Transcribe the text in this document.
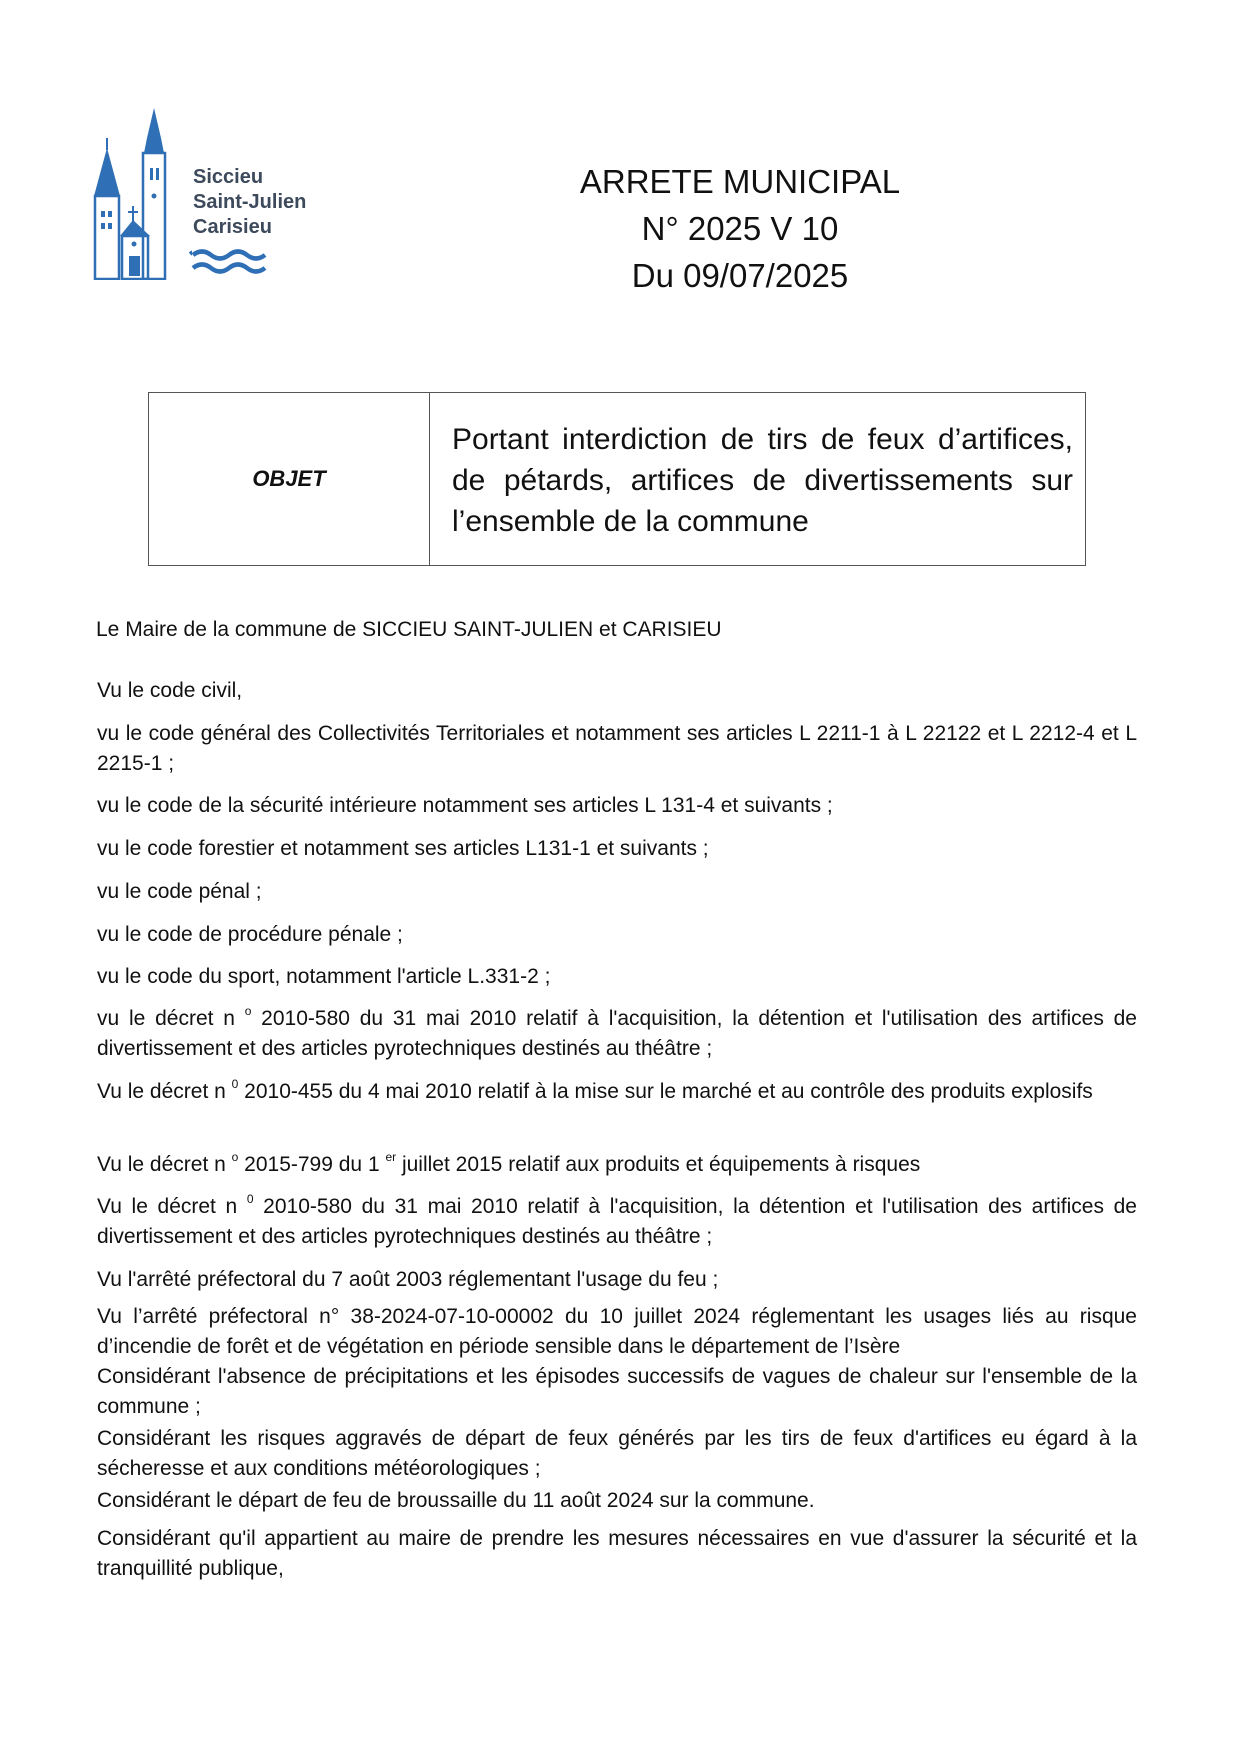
Siccieu
Saint-Julien
Carisieu
ARRETE MUNICIPAL
N° 2025 V 10
Du 09/07/2025
OBJET
Portant interdiction de tirs de feux d’artifices, de pétards, artifices de divertissements sur l’ensemble de la commune
Le Maire de la commune de SICCIEU SAINT-JULIEN et CARISIEU
Vu le code civil,
vu le code général des Collectivités Territoriales et notamment ses articles L 2211-1 à L 22122 et L 2212-4 et L 2215-1 ;
vu le code de la sécurité intérieure notamment ses articles L 131-4 et suivants ;
vu le code forestier et notamment ses articles L131-1 et suivants ;
vu le code pénal ;
vu le code de procédure pénale ;
vu le code du sport, notamment l'article L.331-2 ;
vu le décret n $^o$ 2010-580 du 31 mai 2010 relatif à l'acquisition, la détention et l'utilisation des artifices de divertissement et des articles pyrotechniques destinés au théâtre ;
Vu le décret n $^0$ 2010-455 du 4 mai 2010 relatif à la mise sur le marché et au contrôle des produits explosifs
Vu le décret n $^o$ 2015-799 du 1 $^{er}$ juillet 2015 relatif aux produits et équipements à risques
Vu le décret n $^0$ 2010-580 du 31 mai 2010 relatif à l'acquisition, la détention et l'utilisation des artifices de divertissement et des articles pyrotechniques destinés au théâtre ;
Vu l'arrêté préfectoral du 7 août 2003 réglementant l'usage du feu ;
Vu l’arrêté préfectoral n° 38-2024-07-10-00002 du 10 juillet 2024 réglementant les usages liés au risque d’incendie de forêt et de végétation en période sensible dans le département de l’Isère
Considérant l'absence de précipitations et les épisodes successifs de vagues de chaleur sur l'ensemble de la commune ;
Considérant les risques aggravés de départ de feux générés par les tirs de feux d'artifices eu égard à la sécheresse et aux conditions météorologiques ;
Considérant le départ de feu de broussaille du 11 août 2024 sur la commune.
Considérant qu'il appartient au maire de prendre les mesures nécessaires en vue d'assurer la sécurité et la tranquillité publique,
